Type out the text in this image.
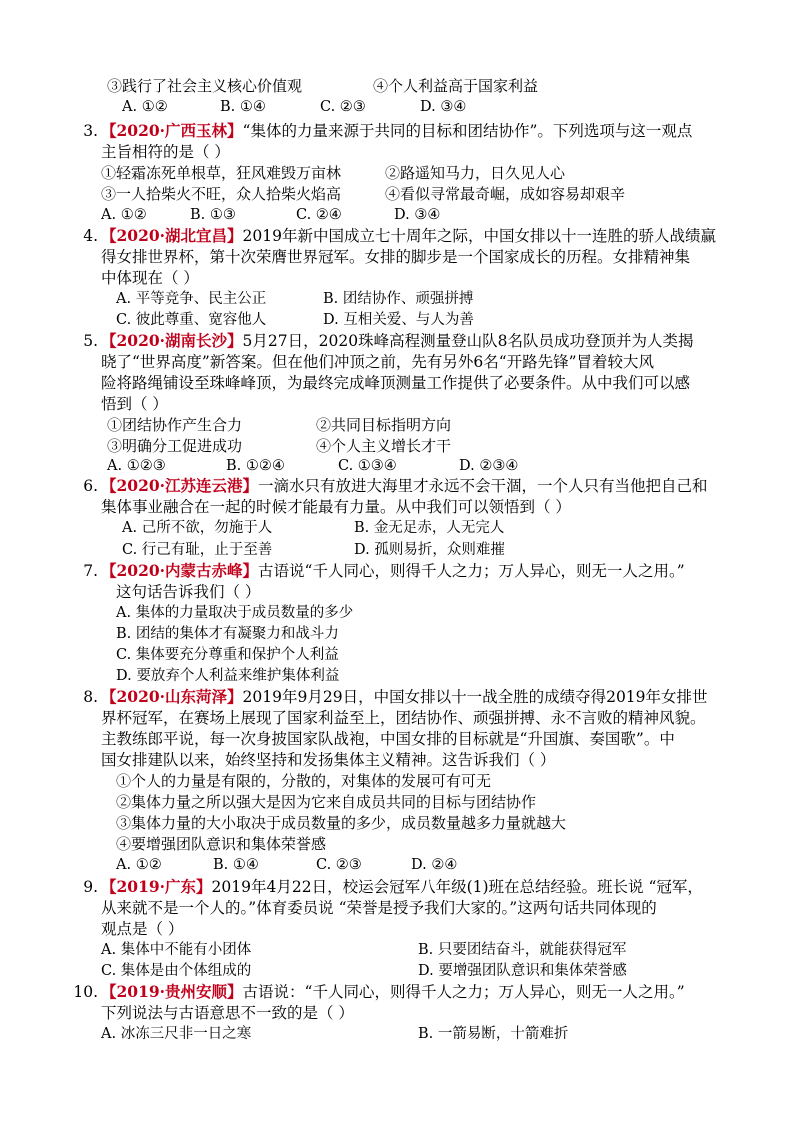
③践行了社会主义核心价值观	④个人利益高于国家利益
A. ①②	B. ①④	C. ②③	D. ③④
3. 【2020·广西玉林】“集体的力量来源于共同的目标和团结协作”。下列选项与这一观点
主旨相符的是（ ）
①轻霜冻死单根草，狂风难毁万亩林	②路遥知马力，日久见人心
③一人拾柴火不旺，众人拾柴火焰高	④看似寻常最奇崛，成如容易却艰辛
A. ①②	B. ①③	C. ②④	D. ③④
4. 【2020·湖北宜昌】2019年新中国成立七十周年之际，中国女排以十一连胜的骄人战绩赢
得女排世界杯，第十次荣膺世界冠军。女排的脚步是一个国家成长的历程。女排精神集
中体现在（ ）
A. 平等竞争、民主公正	B. 团结协作、顽强拼搏
C. 彼此尊重、宽容他人	D. 互相关爱、与人为善
5. 【2020·湖南长沙】5月27日，2020珠峰高程测量登山队8名队员成功登顶并为人类揭
晓了“世界高度”新答案。但在他们冲顶之前，先有另外6名“开路先锋”冒着较大风
险将路绳铺设至珠峰峰顶，为最终完成峰顶测量工作提供了必要条件。从中我们可以感
悟到（ ）
①团结协作产生合力	②共同目标指明方向
③明确分工促进成功	④个人主义增长才干
A. ①②③	B. ①②④	C. ①③④	D. ②③④
6. 【2020·江苏连云港】一滴水只有放进大海里才永远不会干涸，一个人只有当他把自己和
集体事业融合在一起的时候才能最有力量。从中我们可以领悟到（ ）
A. 己所不欲，勿施于人	B. 金无足赤，人无完人
C. 行己有耻，止于至善	D. 孤则易折，众则难摧
7. 【2020·内蒙古赤峰】古语说“千人同心，则得千人之力；万人异心，则无一人之用。”
这句话告诉我们（ ）
A. 集体的力量取决于成员数量的多少
B. 团结的集体才有凝聚力和战斗力
C. 集体要充分尊重和保护个人利益
D. 要放弃个人利益来维护集体利益
8. 【2020·山东菏泽】2019年9月29日，中国女排以十一战全胜的成绩夺得2019年女排世
界杯冠军，在赛场上展现了国家利益至上，团结协作、顽强拼搏、永不言败的精神风貌。
主教练郎平说，每一次身披国家队战袍，中国女排的目标就是“升国旗、奏国歌”。中
国女排建队以来，始终坚持和发扬集体主义精神。这告诉我们（ ）
①个人的力量是有限的，分散的，对集体的发展可有可无
②集体力量之所以强大是因为它来自成员共同的目标与团结协作
③集体力量的大小取决于成员数量的多少，成员数量越多力量就越大
④要增强团队意识和集体荣誉感
A. ①②	B. ①④	C. ②③	D. ②④
9. 【2019·广东】2019年4月22日，校运会冠军八年级(1)班在总结经验。班长说 “冠军，
从来就不是一个人的。”体育委员说 “荣誉是授予我们大家的。”这两句话共同体现的
观点是（ ）
A. 集体中不能有小团体	B. 只要团结奋斗，就能获得冠军
C. 集体是由个体组成的	D. 要增强团队意识和集体荣誉感
10. 【2019·贵州安顺】古语说：“千人同心，则得千人之力；万人异心，则无一人之用。”
下列说法与古语意思不一致的是（ ）
A. 冰冻三尺非一日之寒	B. 一箭易断，十箭难折
